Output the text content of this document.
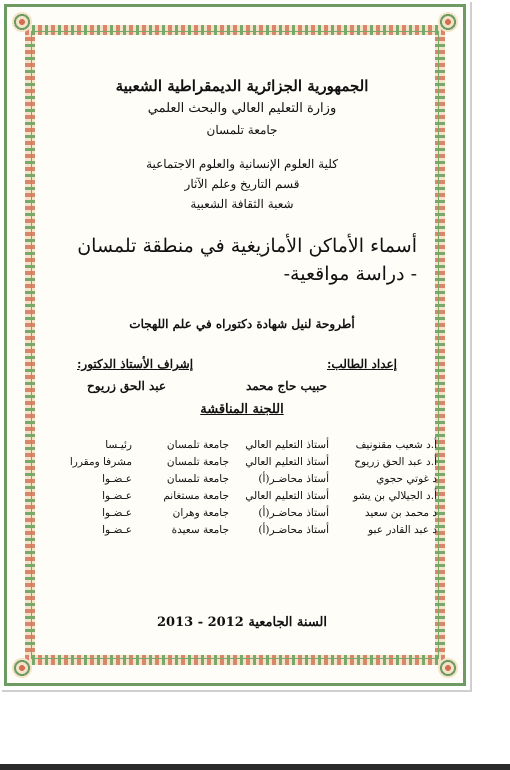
الجمهورية الجزائرية الديمقراطية الشعبية
وزارة التعليم العالي والبحث العلمي
جامعة تلمسان
كلية العلوم الإنسانية والعلوم الاجتماعية
قسم التاريخ وعلم الآثار
شعبة الثقافة الشعبية
أسماء الأماكن الأمازيغية في منطقة تلمسان
- دراسة مواقعية-
أطروحة لنيل شهادة دكتوراه في علم اللهجات
إعداد الطالب:
إشراف الأستاذ الدكتور:
حبيب حاج محمد
عبد الحق زريوح
اللجنة المناقشة
أ.د شعيب مقنونيف
أستاذ التعليم العالي
جامعة تلمسان
رئيـسا
أ.د عبد الحق زريوح
أستاذ التعليم العالي
جامعة تلمسان
مشرفا ومقررا
د غوتي حجوي
أستاذ محاضـر(أ)
جامعة تلمسان
عـضـوا
أ.د الجيلالي بن يشو
أستاذ التعليم العالي
جامعة مستغانم
عـضـوا
د محمد بن سعيد
أستاذ محاضـر(أ)
جامعة وهران
عـضـوا
د عبد القادر عبو
أستاذ محاضـر(أ)
جامعة سعيدة
عـضـوا
السنة الجامعية 2012 - 2013
